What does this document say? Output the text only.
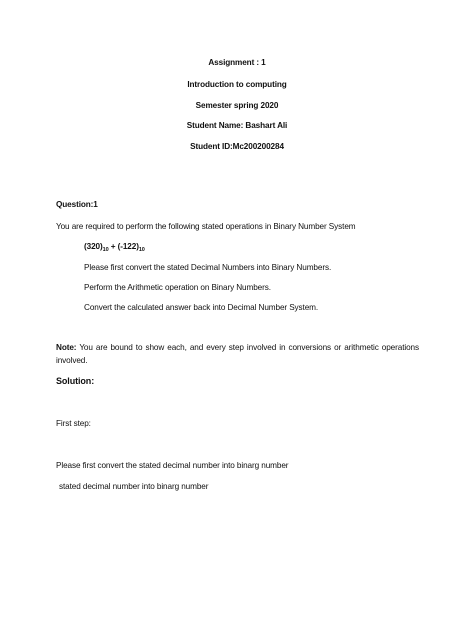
Assignment : 1
Introduction to computing
Semester spring 2020
Student Name: Bashart Ali
Student ID:Mc200200284
Question:1
You are required to perform the following stated operations in Binary Number System
$(320)_{10} + (-122)_{10}$
Please first convert the stated Decimal Numbers into Binary Numbers.
Perform the Arithmetic operation on Binary Numbers.
Convert the calculated answer back into Decimal Number System.
Note: You are bound to show each, and every step involved in conversions or arithmetic operations involved.
Solution:
First step:
Please first convert the stated decimal number into binarg number
stated decimal number into binarg number
